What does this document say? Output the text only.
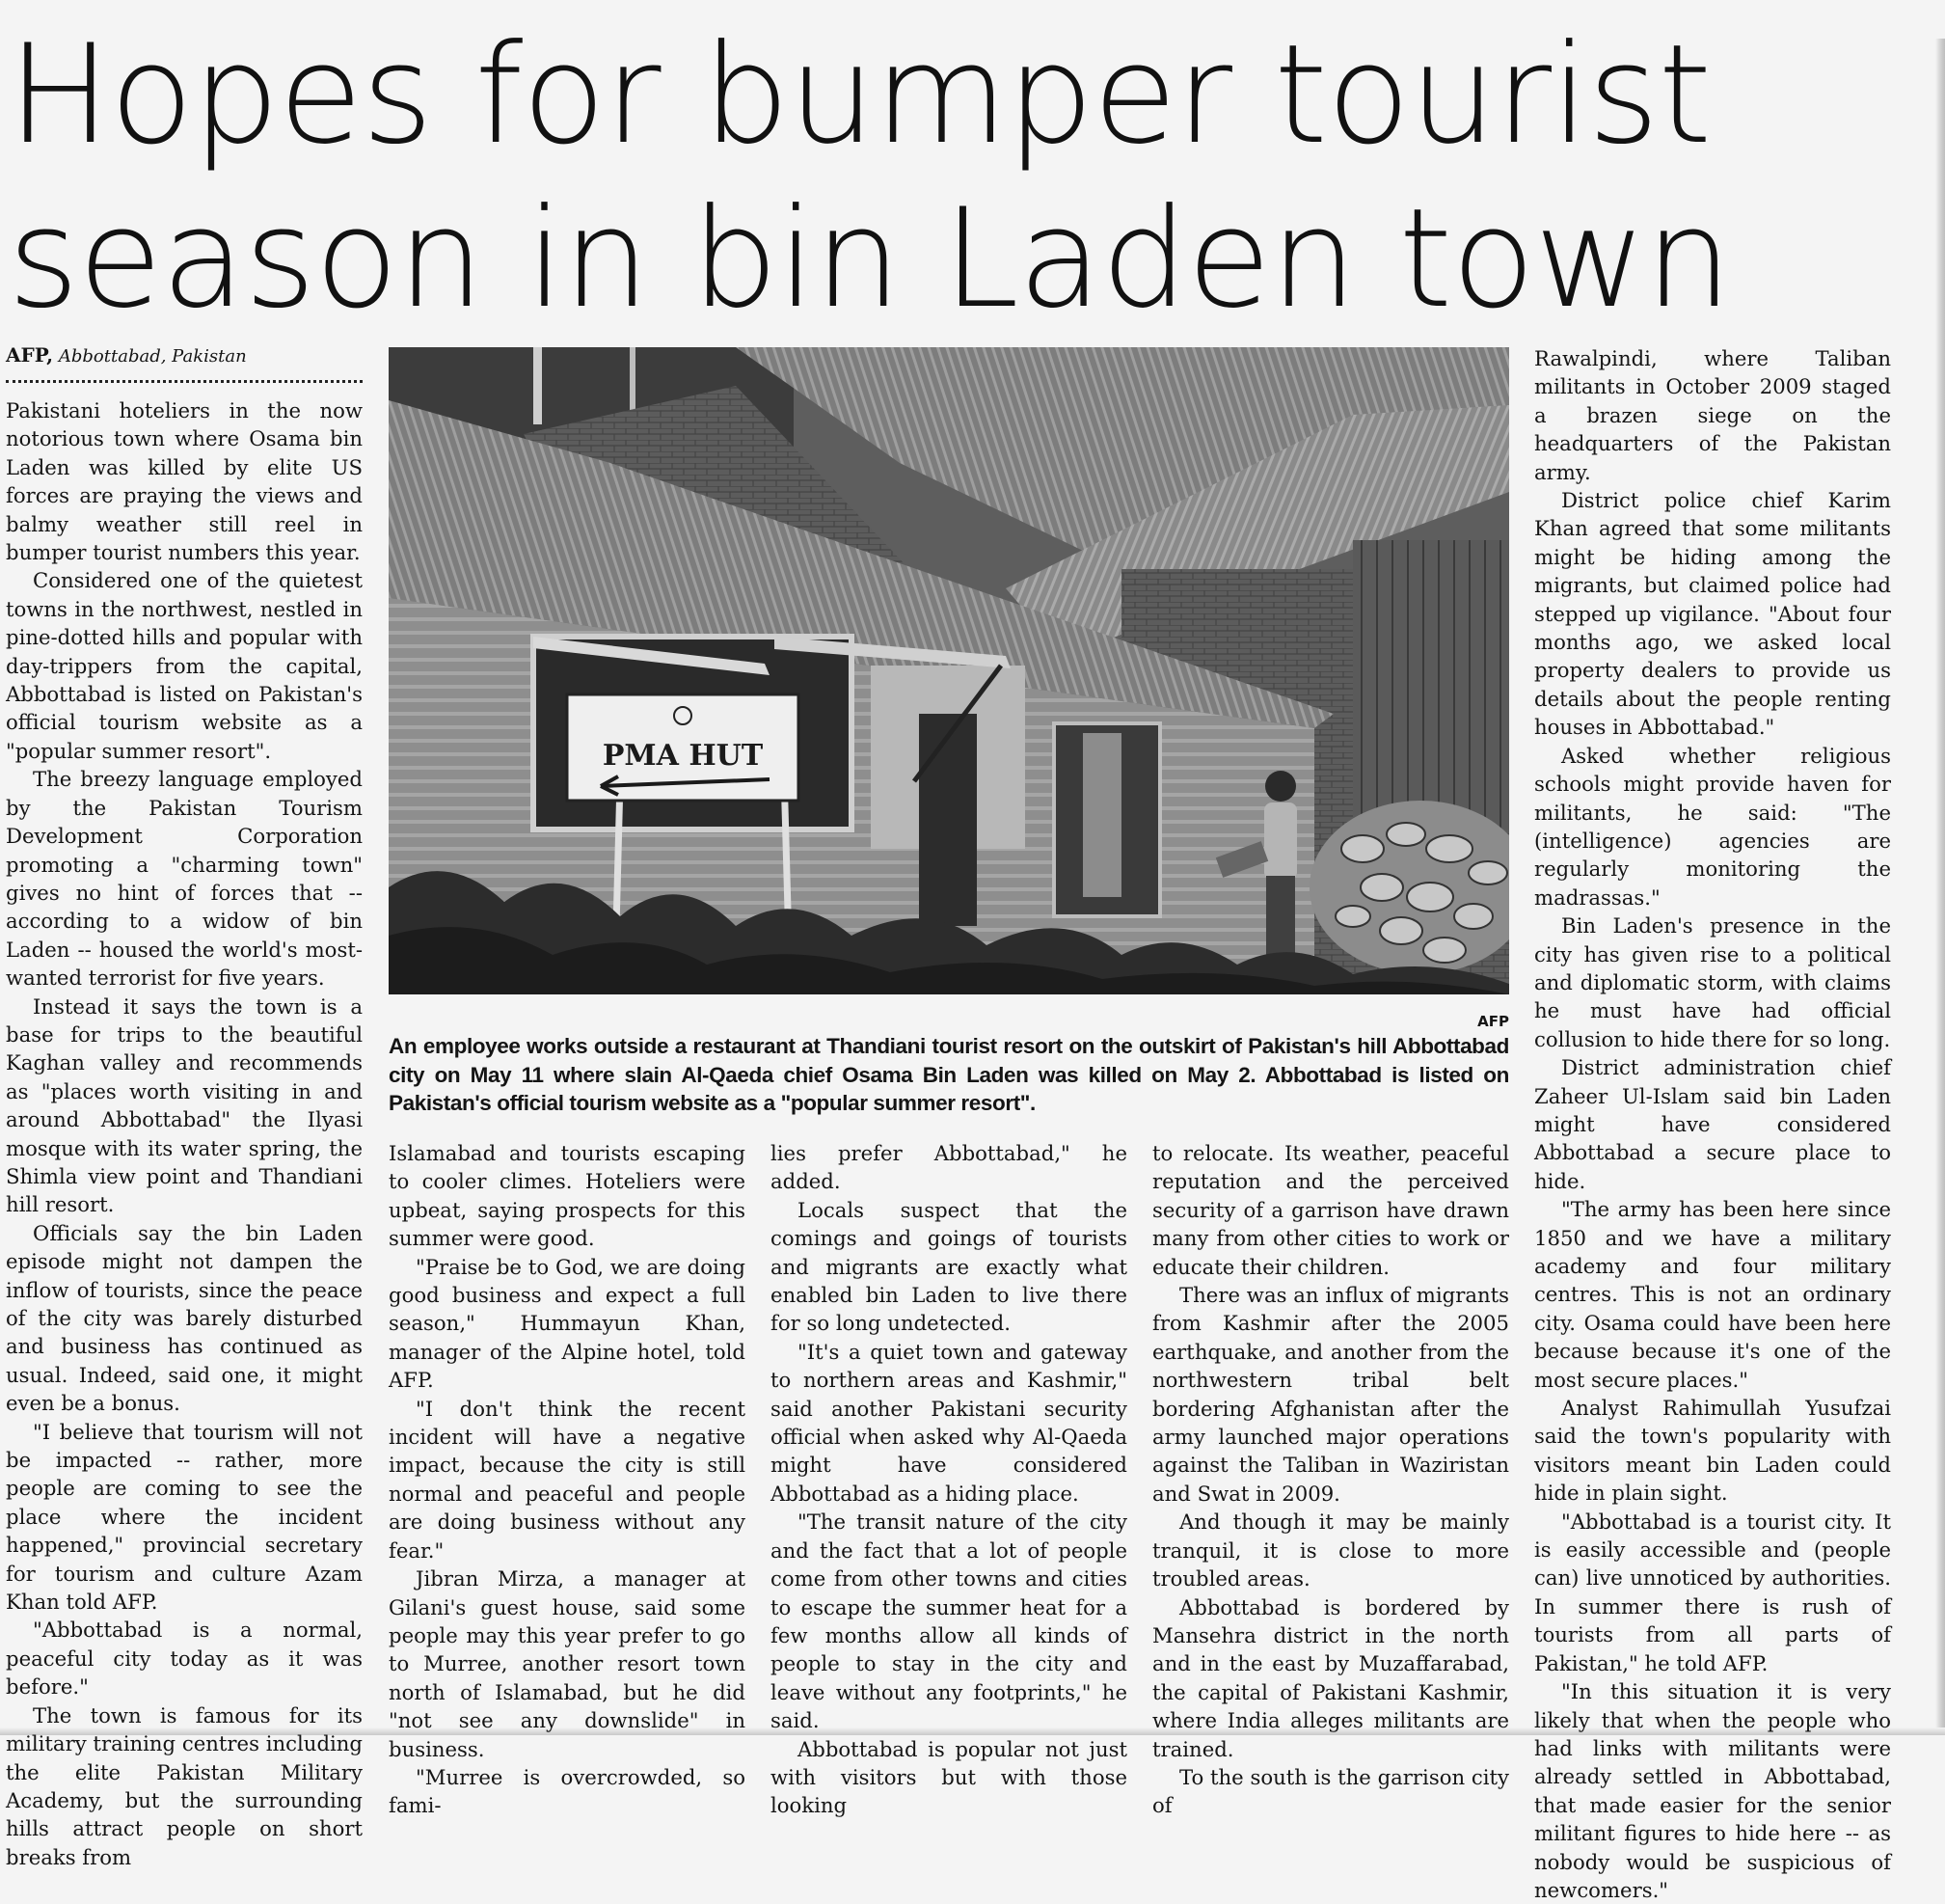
Hopes for bumper tourist
season in bin Laden town
AFP, Abbottabad, Pakistan

Pakistani hoteliers in the now notorious town where Osama bin Laden was killed by elite US forces are praying the views and balmy weather still reel in bumper tourist numbers this year.

Considered one of the quietest towns in the northwest, nestled in pine-dotted hills and popular with day-trippers from the capital, Abbottabad is listed on Pakistan's official tourism website as a "popular summer resort".

The breezy language employed by the Pakistan Tourism Development Corporation promoting a "charming town" gives no hint of forces that -- according to a widow of bin Laden -- housed the world's most-wanted terrorist for five years.

Instead it says the town is a base for trips to the beautiful Kaghan valley and recommends as "places worth visiting in and around Abbottabad" the Ilyasi mosque with its water spring, the Shimla view point and Thandiani hill resort.

Officials say the bin Laden episode might not dampen the inflow of tourists, since the peace of the city was barely disturbed and business has continued as usual. Indeed, said one, it might even be a bonus.

"I believe that tourism will not be impacted -- rather, more people are coming to see the place where the incident happened," provincial secretary for tourism and culture Azam Khan told AFP.

"Abbottabad is a normal, peaceful city today as it was before."

The town is famous for its military training centres including the elite Pakistan Military Academy, but the surrounding hills attract people on short breaks from

Islamabad and tourists escaping to cooler climes. Hoteliers were upbeat, saying prospects for this summer were good.

"Praise be to God, we are doing good business and expect a full season," Hummayun Khan, manager of the Alpine hotel, told AFP.

"I don't think the recent incident will have a negative impact, because the city is still normal and peaceful and people are doing business without any fear."

Jibran Mirza, a manager at Gilani's guest house, said some people may this year prefer to go to Murree, another resort town north of Islamabad, but he did "not see any downslide" in business.

"Murree is overcrowded, so fami-

lies prefer Abbottabad," he added.

Locals suspect that the comings and goings of tourists and migrants are exactly what enabled bin Laden to live there for so long undetected.

"It's a quiet town and gateway to northern areas and Kashmir," said another Pakistani security official when asked why Al-Qaeda might have considered Abbottabad as a hiding place.

"The transit nature of the city and the fact that a lot of people come from other towns and cities to escape the summer heat for a few months allow all kinds of people to stay in the city and leave without any footprints," he said.

Abbottabad is popular not just with visitors but with those looking

to relocate. Its weather, peaceful reputation and the perceived security of a garrison have drawn many from other cities to work or educate their children.

There was an influx of migrants from Kashmir after the 2005 earthquake, and another from the northwestern tribal belt bordering Afghanistan after the army launched major operations against the Taliban in Waziristan and Swat in 2009.

And though it may be mainly tranquil, it is close to more troubled areas.

Abbottabad is bordered by Mansehra district in the north and in the east by Muzaffarabad, the capital of Pakistani Kashmir, where India alleges militants are trained.

To the south is the garrison city of

Rawalpindi, where Taliban militants in October 2009 staged a brazen siege on the headquarters of the Pakistan army.

District police chief Karim Khan agreed that some militants might be hiding among the migrants, but claimed police had stepped up vigilance. "About four months ago, we asked local property dealers to provide us details about the people renting houses in Abbottabad."

Asked whether religious schools might provide haven for militants, he said: "The (intelligence) agencies are regularly monitoring the madrassas."

Bin Laden's presence in the city has given rise to a political and diplomatic storm, with claims he must have had official collusion to hide there for so long.

District administration chief Zaheer Ul-Islam said bin Laden might have considered Abbottabad a secure place to hide.

"The army has been here since 1850 and we have a military academy and four military centres. This is not an ordinary city. Osama could have been here because because it's one of the most secure places."

Analyst Rahimullah Yusufzai said the town's popularity with visitors meant bin Laden could hide in plain sight.

"Abbottabad is a tourist city. It is easily accessible and (people can) live unnoticed by authorities. In summer there is rush of tourists from all parts of Pakistan," he told AFP.

"In this situation it is very likely that when the people who had links with militants were already settled in Abbottabad, that made easier for the senior militant figures to hide here -- as nobody would be suspicious of newcomers."

PMA HUT
AFP
An employee works outside a restaurant at Thandiani tourist resort on the outskirt of Pakistan's hill Abbottabad city on May 11 where slain Al-Qaeda chief Osama Bin Laden was killed on May 2. Abbottabad is listed on Pakistan's official tourism website as a "popular summer resort".
